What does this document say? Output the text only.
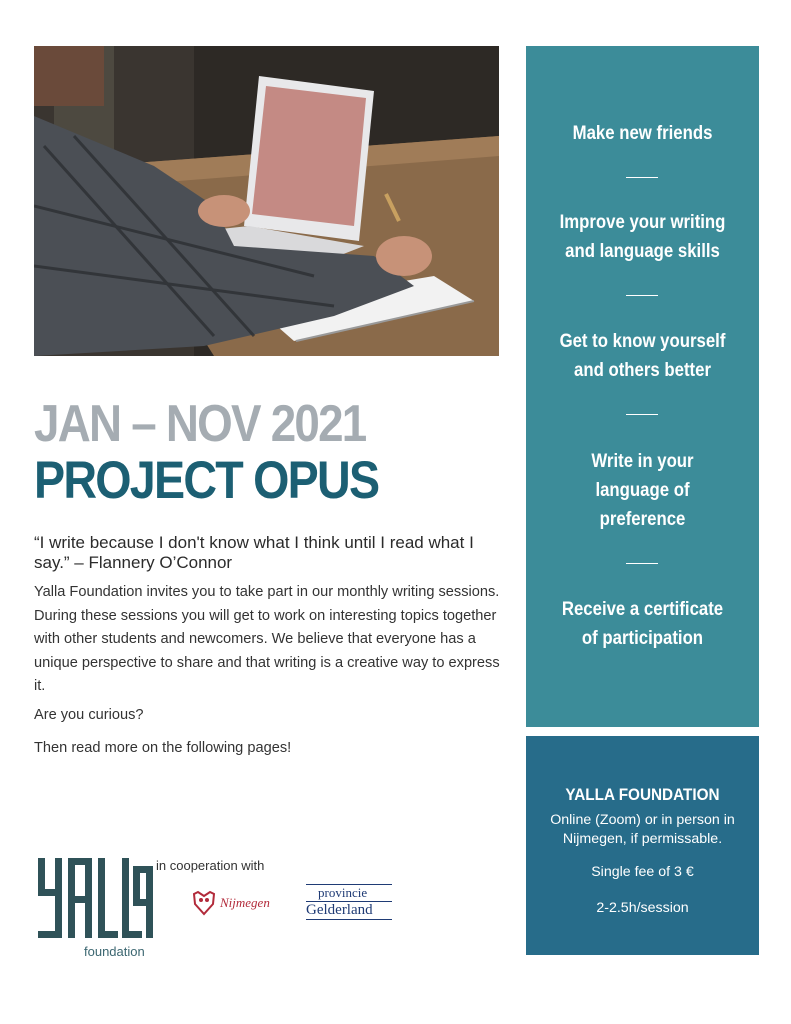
JAN – NOV 2021
PROJECT OPUS
“I write because I don't know what I think until I read what I say.” – Flannery O’Connor
Yalla Foundation invites you to take part in our monthly writing sessions. During these sessions you will get to work on interesting topics together with other students and newcomers. We believe that everyone has a unique perspective to share and that writing is a creative way to express it.
Are you curious?
Then read more on the following pages!
foundation
in cooperation with
Nijmegen
provincie
Gelderland
Make new friends
Improve your writing and language skills
Get to know yourself and others better
Write in your language of preference
Receive a certificate of participation
YALLA FOUNDATION
Online (Zoom) or in person in Nijmegen, if permissable.
Single fee of 3 €
2-2.5h/session
